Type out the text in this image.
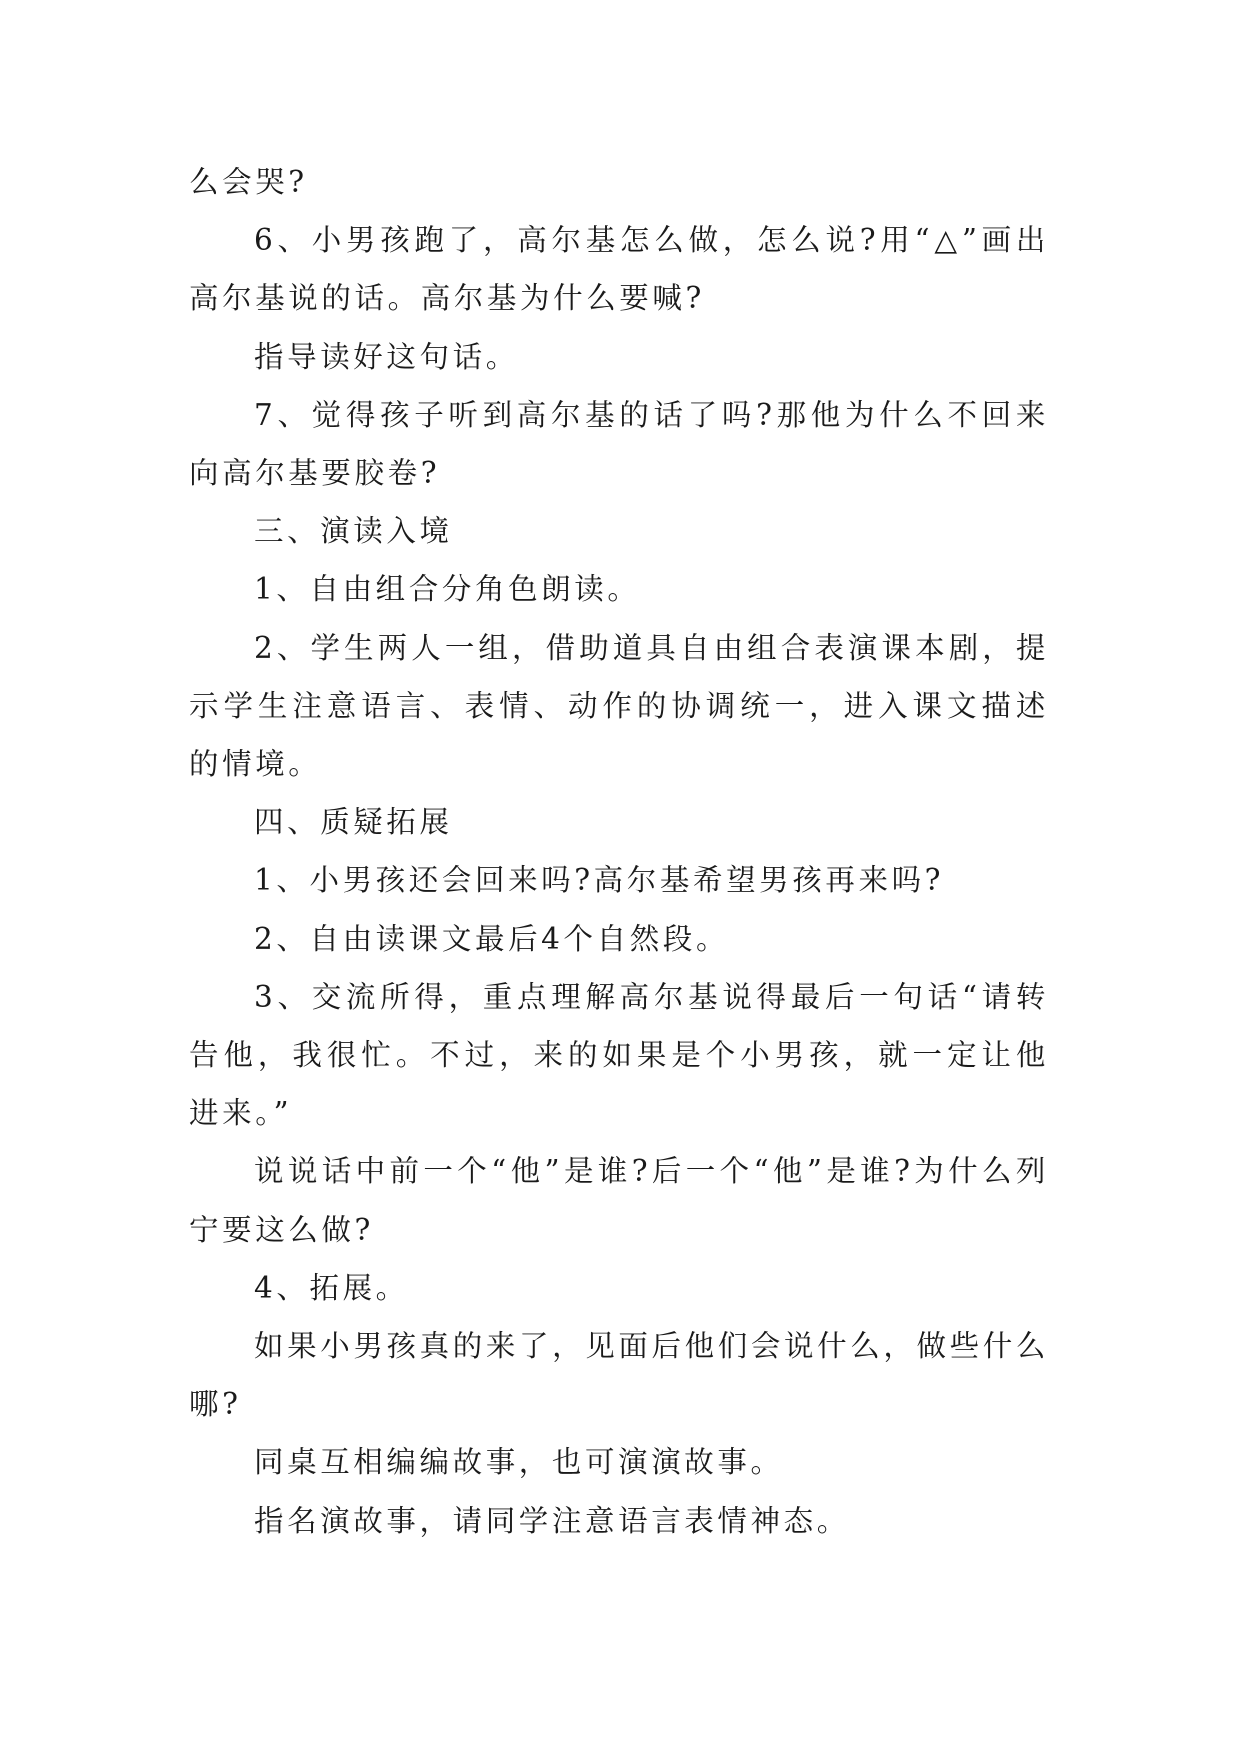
么会哭?

6、小男孩跑了，高尔基怎么做，怎么说?用“△”画出高尔基说的话。高尔基为什么要喊?

指导读好这句话。

7、觉得孩子听到高尔基的话了吗?那他为什么不回来向高尔基要胶卷?

三、演读入境

1、自由组合分角色朗读。

2、学生两人一组，借助道具自由组合表演课本剧，提示学生注意语言、表情、动作的协调统一，进入课文描述的情境。

四、质疑拓展

1、小男孩还会回来吗?高尔基希望男孩再来吗?

2、自由读课文最后4个自然段。

3、交流所得，重点理解高尔基说得最后一句话“请转告他，我很忙。不过，来的如果是个小男孩，就一定让他进来。”

说说话中前一个“他”是谁?后一个“他”是谁?为什么列宁要这么做?

4、拓展。

如果小男孩真的来了，见面后他们会说什么，做些什么哪?

同桌互相编编故事，也可演演故事。

指名演故事，请同学注意语言表情神态。
